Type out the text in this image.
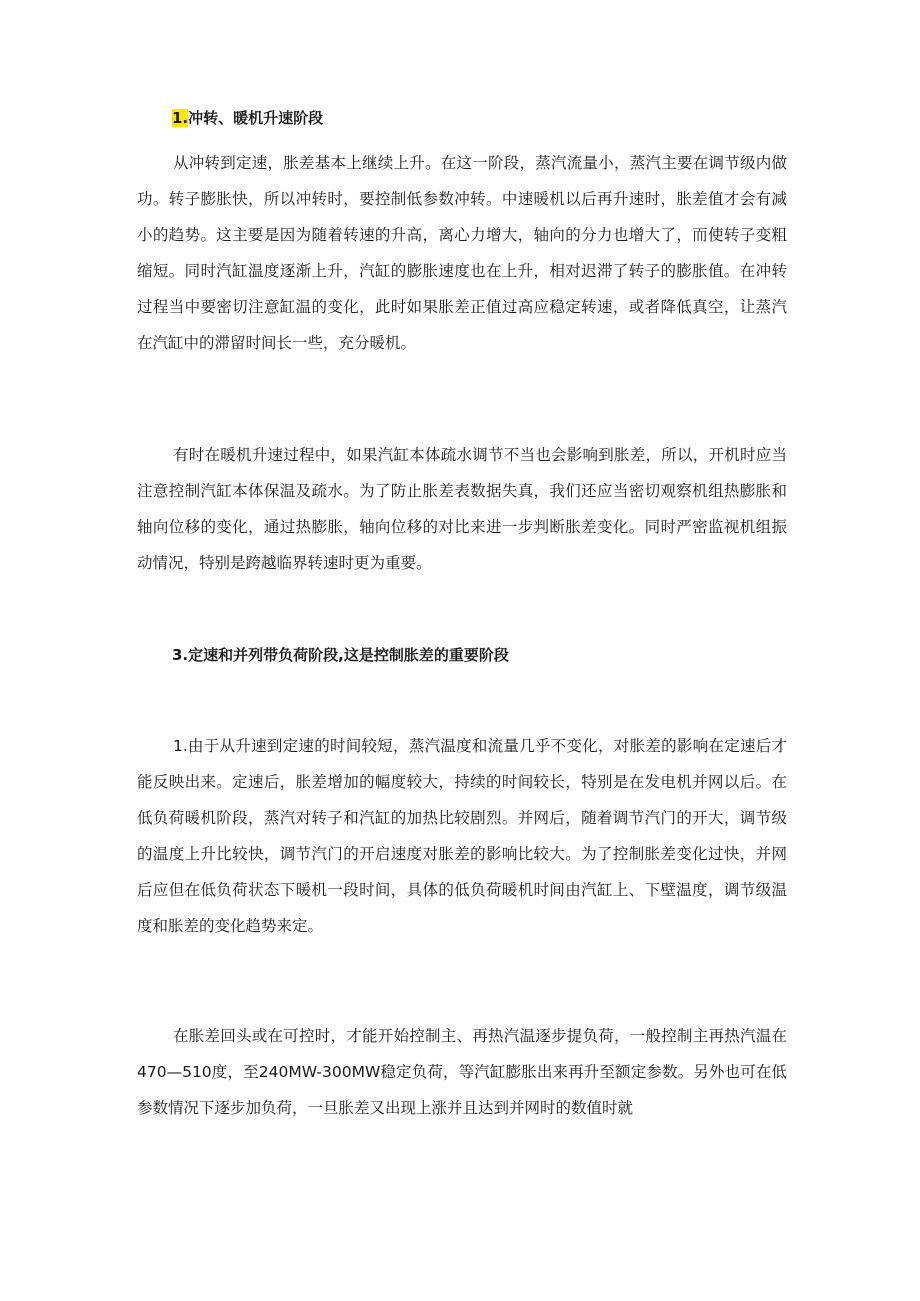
1.冲转、暖机升速阶段

从冲转到定速，胀差基本上继续上升。在这一阶段，蒸汽流量小，蒸汽主要在调节级内做功。转子膨胀快，所以冲转时，要控制低参数冲转。中速暖机以后再升速时，胀差值才会有减小的趋势。这主要是因为随着转速的升高，离心力增大，轴向的分力也增大了，而使转子变粗缩短。同时汽缸温度逐渐上升，汽缸的膨胀速度也在上升，相对迟滞了转子的膨胀值。在冲转过程当中要密切注意缸温的变化，此时如果胀差正值过高应稳定转速，或者降低真空，让蒸汽在汽缸中的滞留时间长一些，充分暖机。

有时在暖机升速过程中，如果汽缸本体疏水调节不当也会影响到胀差，所以，开机时应当注意控制汽缸本体保温及疏水。为了防止胀差表数据失真，我们还应当密切观察机组热膨胀和轴向位移的变化，通过热膨胀，轴向位移的对比来进一步判断胀差变化。同时严密监视机组振动情况，特别是跨越临界转速时更为重要。

3.定速和并列带负荷阶段,这是控制胀差的重要阶段

1.由于从升速到定速的时间较短，蒸汽温度和流量几乎不变化，对胀差的影响在定速后才能反映出来。定速后，胀差增加的幅度较大，持续的时间较长，特别是在发电机并网以后。在低负荷暖机阶段，蒸汽对转子和汽缸的加热比较剧烈。并网后，随着调节汽门的开大，调节级的温度上升比较快，调节汽门的开启速度对胀差的影响比较大。为了控制胀差变化过快，并网后应但在低负荷状态下暖机一段时间，具体的低负荷暖机时间由汽缸上、下壁温度，调节级温度和胀差的变化趋势来定。

在胀差回头或在可控时，才能开始控制主、再热汽温逐步提负荷，一般控制主再热汽温在470—510度，至240MW-300MW稳定负荷，等汽缸膨胀出来再升至额定参数。另外也可在低参数情况下逐步加负荷，一旦胀差又出现上涨并且达到并网时的数值时就
